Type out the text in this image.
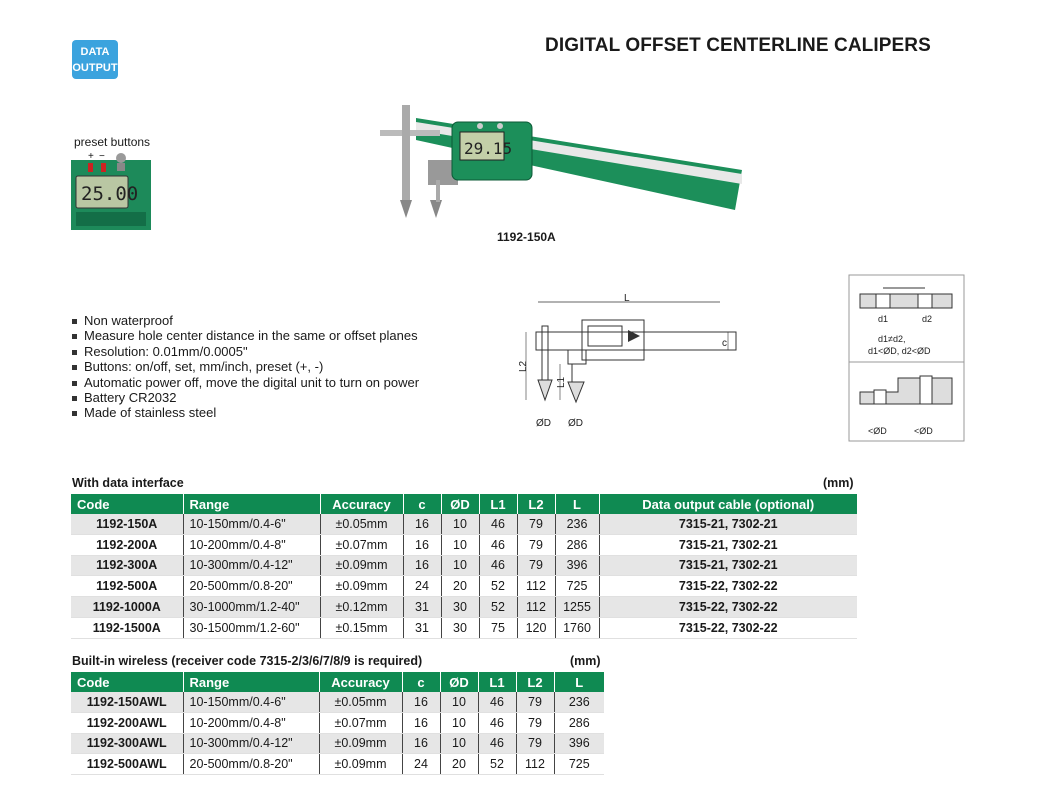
DATA
OUTPUT
DIGITAL OFFSET CENTERLINE CALIPERS
preset buttons
+ −
25.00
29.15
1192-150A
Non waterproof
Measure hole center distance in the same or offset planes
Resolution: 0.01mm/0.0005"
Buttons: on/off, set, mm/inch, preset (+, -)
Automatic power off, move the digital unit to turn on power
Battery CR2032
Made of stainless steel
L
L2
L1
c
ØD ØD
d1	d2
d1≠d2,
d1<ØD, d2<ØD
<ØD	<ØD
With data interface	(mm)
Code	Range	Accuracy	c	ØD	L1	L2	L	Data output cable (optional)
1192-150A	10-150mm/0.4-6"	±0.05mm	16	10	46	79	236	7315-21, 7302-21
1192-200A	10-200mm/0.4-8"	±0.07mm	16	10	46	79	286	7315-21, 7302-21
1192-300A	10-300mm/0.4-12"	±0.09mm	16	10	46	79	396	7315-21, 7302-21
1192-500A	20-500mm/0.8-20"	±0.09mm	24	20	52	112	725	7315-22, 7302-22
1192-1000A	30-1000mm/1.2-40"	±0.12mm	31	30	52	112	1255	7315-22, 7302-22
1192-1500A	30-1500mm/1.2-60"	±0.15mm	31	30	75	120	1760	7315-22, 7302-22
Built-in wireless (receiver code 7315-2/3/6/7/8/9 is required)	(mm)
Code	Range	Accuracy	c	ØD	L1	L2	L
1192-150AWL	10-150mm/0.4-6"	±0.05mm	16	10	46	79	236
1192-200AWL	10-200mm/0.4-8"	±0.07mm	16	10	46	79	286
1192-300AWL	10-300mm/0.4-12"	±0.09mm	16	10	46	79	396
1192-500AWL	20-500mm/0.8-20"	±0.09mm	24	20	52	112	725
